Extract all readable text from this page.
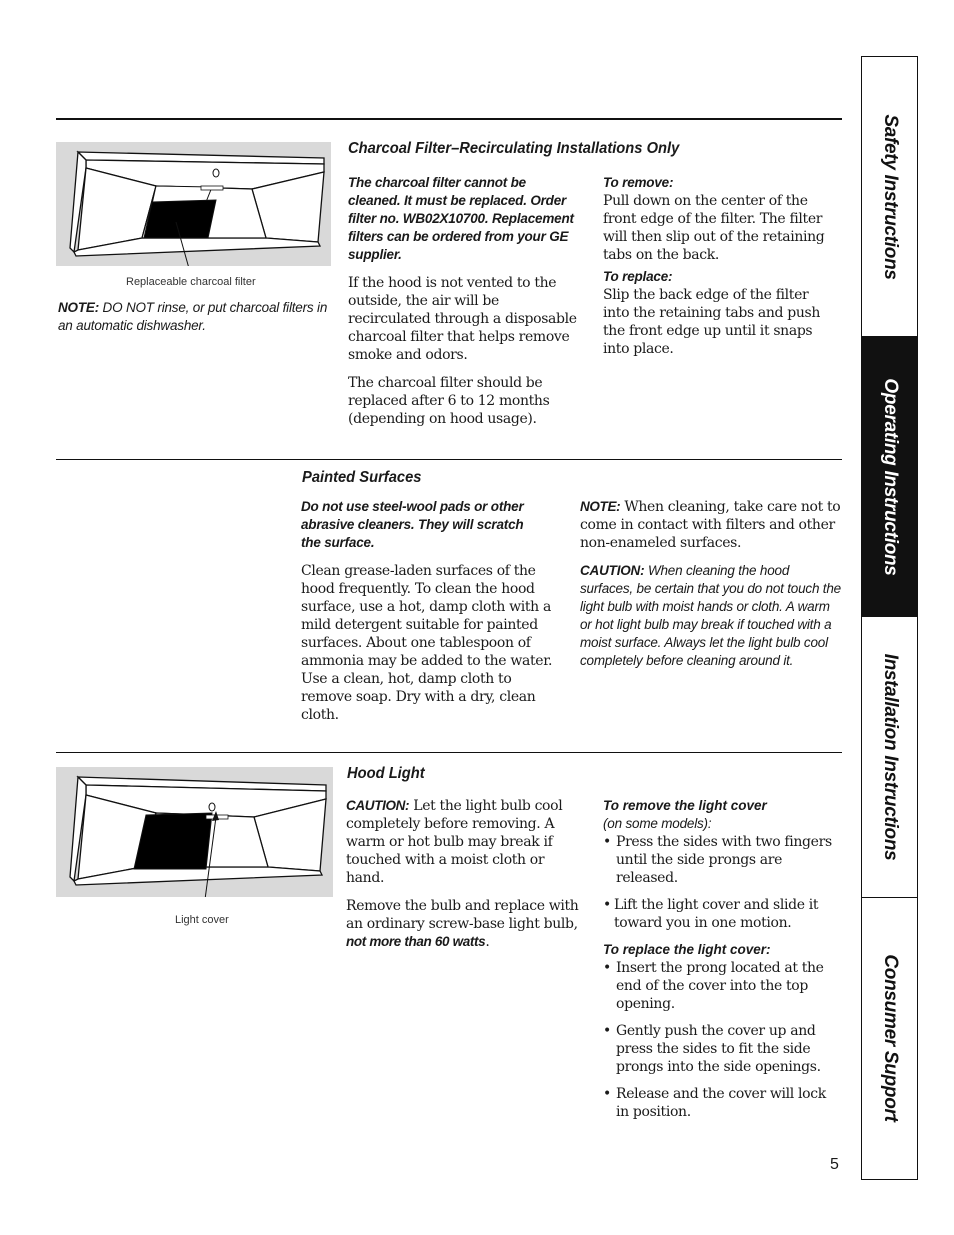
Replaceable charcoal filter
NOTE: DO NOT rinse, or put charcoal filters in an automatic dishwasher.
Charcoal Filter–Recirculating Installations Only

The charcoal filter cannot be cleaned. It must be replaced. Order filter no. WB02X10700. Replacement filters can be ordered from your GE supplier.

If the hood is not vented to the outside, the air will be recirculated through a disposable charcoal filter that helps remove smoke and odors.

The charcoal filter should be replaced after 6 to 12 months (depending on hood usage).

To remove:

Pull down on the center of the front edge of the filter. The filter will then slip out of the retaining tabs on the back.

To replace:

Slip the back edge of the filter into the retaining tabs and push the front edge up until it snaps into place.

Painted Surfaces

Do not use steel-wool pads or other abrasive cleaners. They will scratch the surface.

Clean grease-laden surfaces of the hood frequently. To clean the hood surface, use a hot, damp cloth with a mild detergent suitable for painted surfaces. About one tablespoon of ammonia may be added to the water. Use a clean, hot, damp cloth to remove soap. Dry with a dry, clean cloth.

NOTE: When cleaning, take care not to come in contact with filters and other non-enameled surfaces.

CAUTION: When cleaning the hood surfaces, be certain that you do not touch the light bulb with moist hands or cloth. A warm or hot light bulb may break if touched with a moist surface. Always let the light bulb cool completely before cleaning around it.

Light cover
Hood Light

CAUTION: Let the light bulb cool completely before removing. A warm or hot bulb may break if touched with a moist cloth or hand.

Remove the bulb and replace with an ordinary screw-base light bulb, not more than 60 watts.

To remove the light cover

(on some models):

• Press the sides with two fingers until the side prongs are released.
• Lift the light cover and slide it toward you in one motion.

To replace the light cover:

• Insert the prong located at the end of the cover into the top opening.
• Gently push the cover up and press the sides to fit the side prongs into the side openings.
• Release and the cover will lock in position.
5
Safety Instructions
Operating Instructions
Installation Instructions
Consumer Support
